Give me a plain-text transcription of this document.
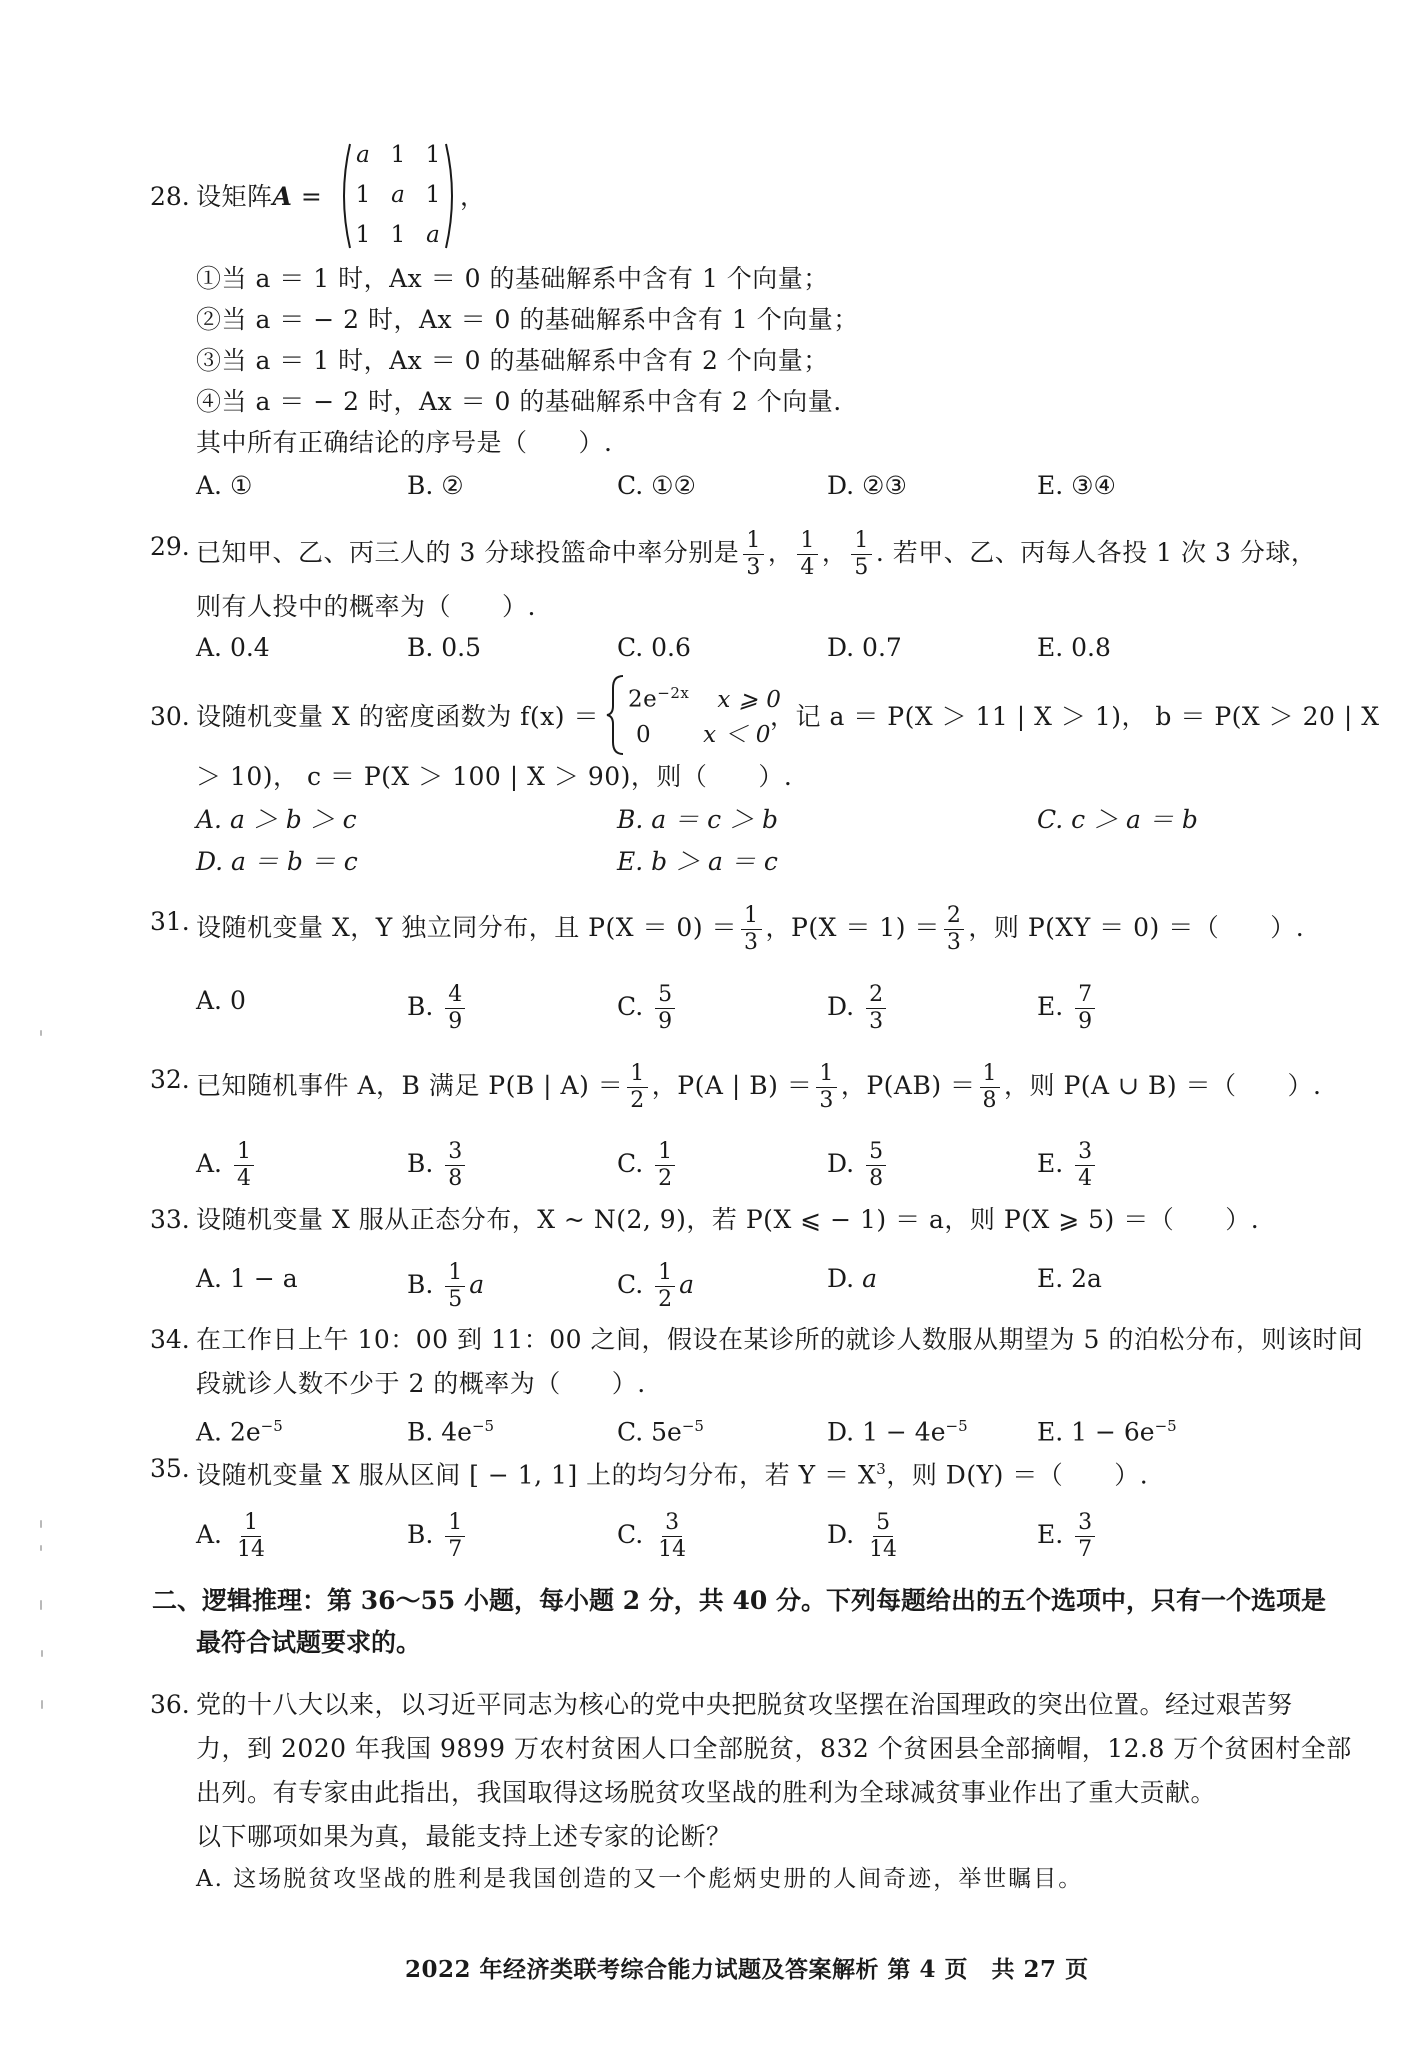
28. 设矩阵A =
a 1 1
1 a 1
1 1 a
，
①当 a ＝ 1 时，Ax ＝ 0 的基础解系中含有 1 个向量；
②当 a ＝ − 2 时，Ax ＝ 0 的基础解系中含有 1 个向量；
③当 a ＝ 1 时，Ax ＝ 0 的基础解系中含有 2 个向量；
④当 a ＝ − 2 时，Ax ＝ 0 的基础解系中含有 2 个向量.
其中所有正确结论的序号是（　　）.
A. ①	B. ②	C. ①②	D. ②③	E. ③④
29. 已知甲、乙、丙三人的 3 分球投篮命中率分别是 $\frac{1}{3}$ ， $\frac{1}{4}$ ， $\frac{1}{5}$ . 若甲、乙、丙每人各投 1 次 3 分球，
则有人投中的概率为（　　）.
A. 0.4	B. 0.5	C. 0.6	D. 0.7	E. 0.8
30. 设随机变量 X 的密度函数为 f(x) ＝
$2e^{-2x}$ x ⩾ 0
0 x ＜ 0
，记 a ＝ P(X ＞ 11 | X ＞ 1)， b ＝ P(X ＞ 20 | X
＞ 10)， c ＝ P(X ＞ 100 | X ＞ 90)，则（　　）.
A. a ＞ b ＞ c	B. a ＝ c ＞ b	C. c ＞ a ＝ b
D. a ＝ b ＝ c	E. b ＞ a ＝ c
31. 设随机变量 X，Y 独立同分布，且 $P(X = 0) = \frac{1}{3}$ ，$P(X = 1) = \frac{2}{3}$ ，则 P(XY ＝ 0) ＝（　　）.
A. 0	B. $\frac{4}{9}$	C. $\frac{5}{9}$	D. $\frac{2}{3}$	E. $\frac{7}{9}$
32. 已知随机事件 A，B 满足 P(B | $A) = \frac{1}{2}$ ，P(A | $B) = \frac{1}{3}$ ，$P(AB) = \frac{1}{8}$ ，则 P(A ∪ B) ＝（　　）.
A. $\frac{1}{4}$	B. $\frac{3}{8}$	C. $\frac{1}{2}$	D. $\frac{5}{8}$	E. $\frac{3}{4}$
33. 设随机变量 X 服从正态分布，X ~ N(2, 9)，若 P(X ⩽ − 1) ＝ a，则 P(X ⩾ 5) ＝（　　）.
A. 1 − a	B. $\frac{1}{5}$ a	C. $\frac{1}{2}$ a	D. a	E. 2a
34. 在工作日上午 10：00 到 11：00 之间，假设在某诊所的就诊人数服从期望为 5 的泊松分布，则该时间
段就诊人数不少于 2 的概率为（　　）.
A. $2e^{-5}$	B. $4e^{-5}$	C. $5e^{-5}$	D. $1 - 4e^{-5}$	E. $1 - 6e^{-5}$
35. 设随机变量 X 服从区间 [ − 1, 1] 上的均匀分布，若 $Y = X^3$，则 D(Y) ＝（　　）.
A. $\frac{1}{14}$	B. $\frac{1}{7}$	C. $\frac{3}{14}$	D. $\frac{5}{14}$	E. $\frac{3}{7}$
二、逻辑推理：第 36～55 小题，每小题 2 分，共 40 分。下列每题给出的五个选项中，只有一个选项是
最符合试题要求的。
36. 党的十八大以来，以习近平同志为核心的党中央把脱贫攻坚摆在治国理政的突出位置。经过艰苦努
力，到 2020 年我国 9899 万农村贫困人口全部脱贫，832 个贫困县全部摘帽，12.8 万个贫困村全部
出列。有专家由此指出，我国取得这场脱贫攻坚战的胜利为全球减贫事业作出了重大贡献。
以下哪项如果为真，最能支持上述专家的论断？
A. 这场脱贫攻坚战的胜利是我国创造的又一个彪炳史册的人间奇迹，举世瞩目。
2022 年经济类联考综合能力试题及答案解析 第 4 页　共 27 页
